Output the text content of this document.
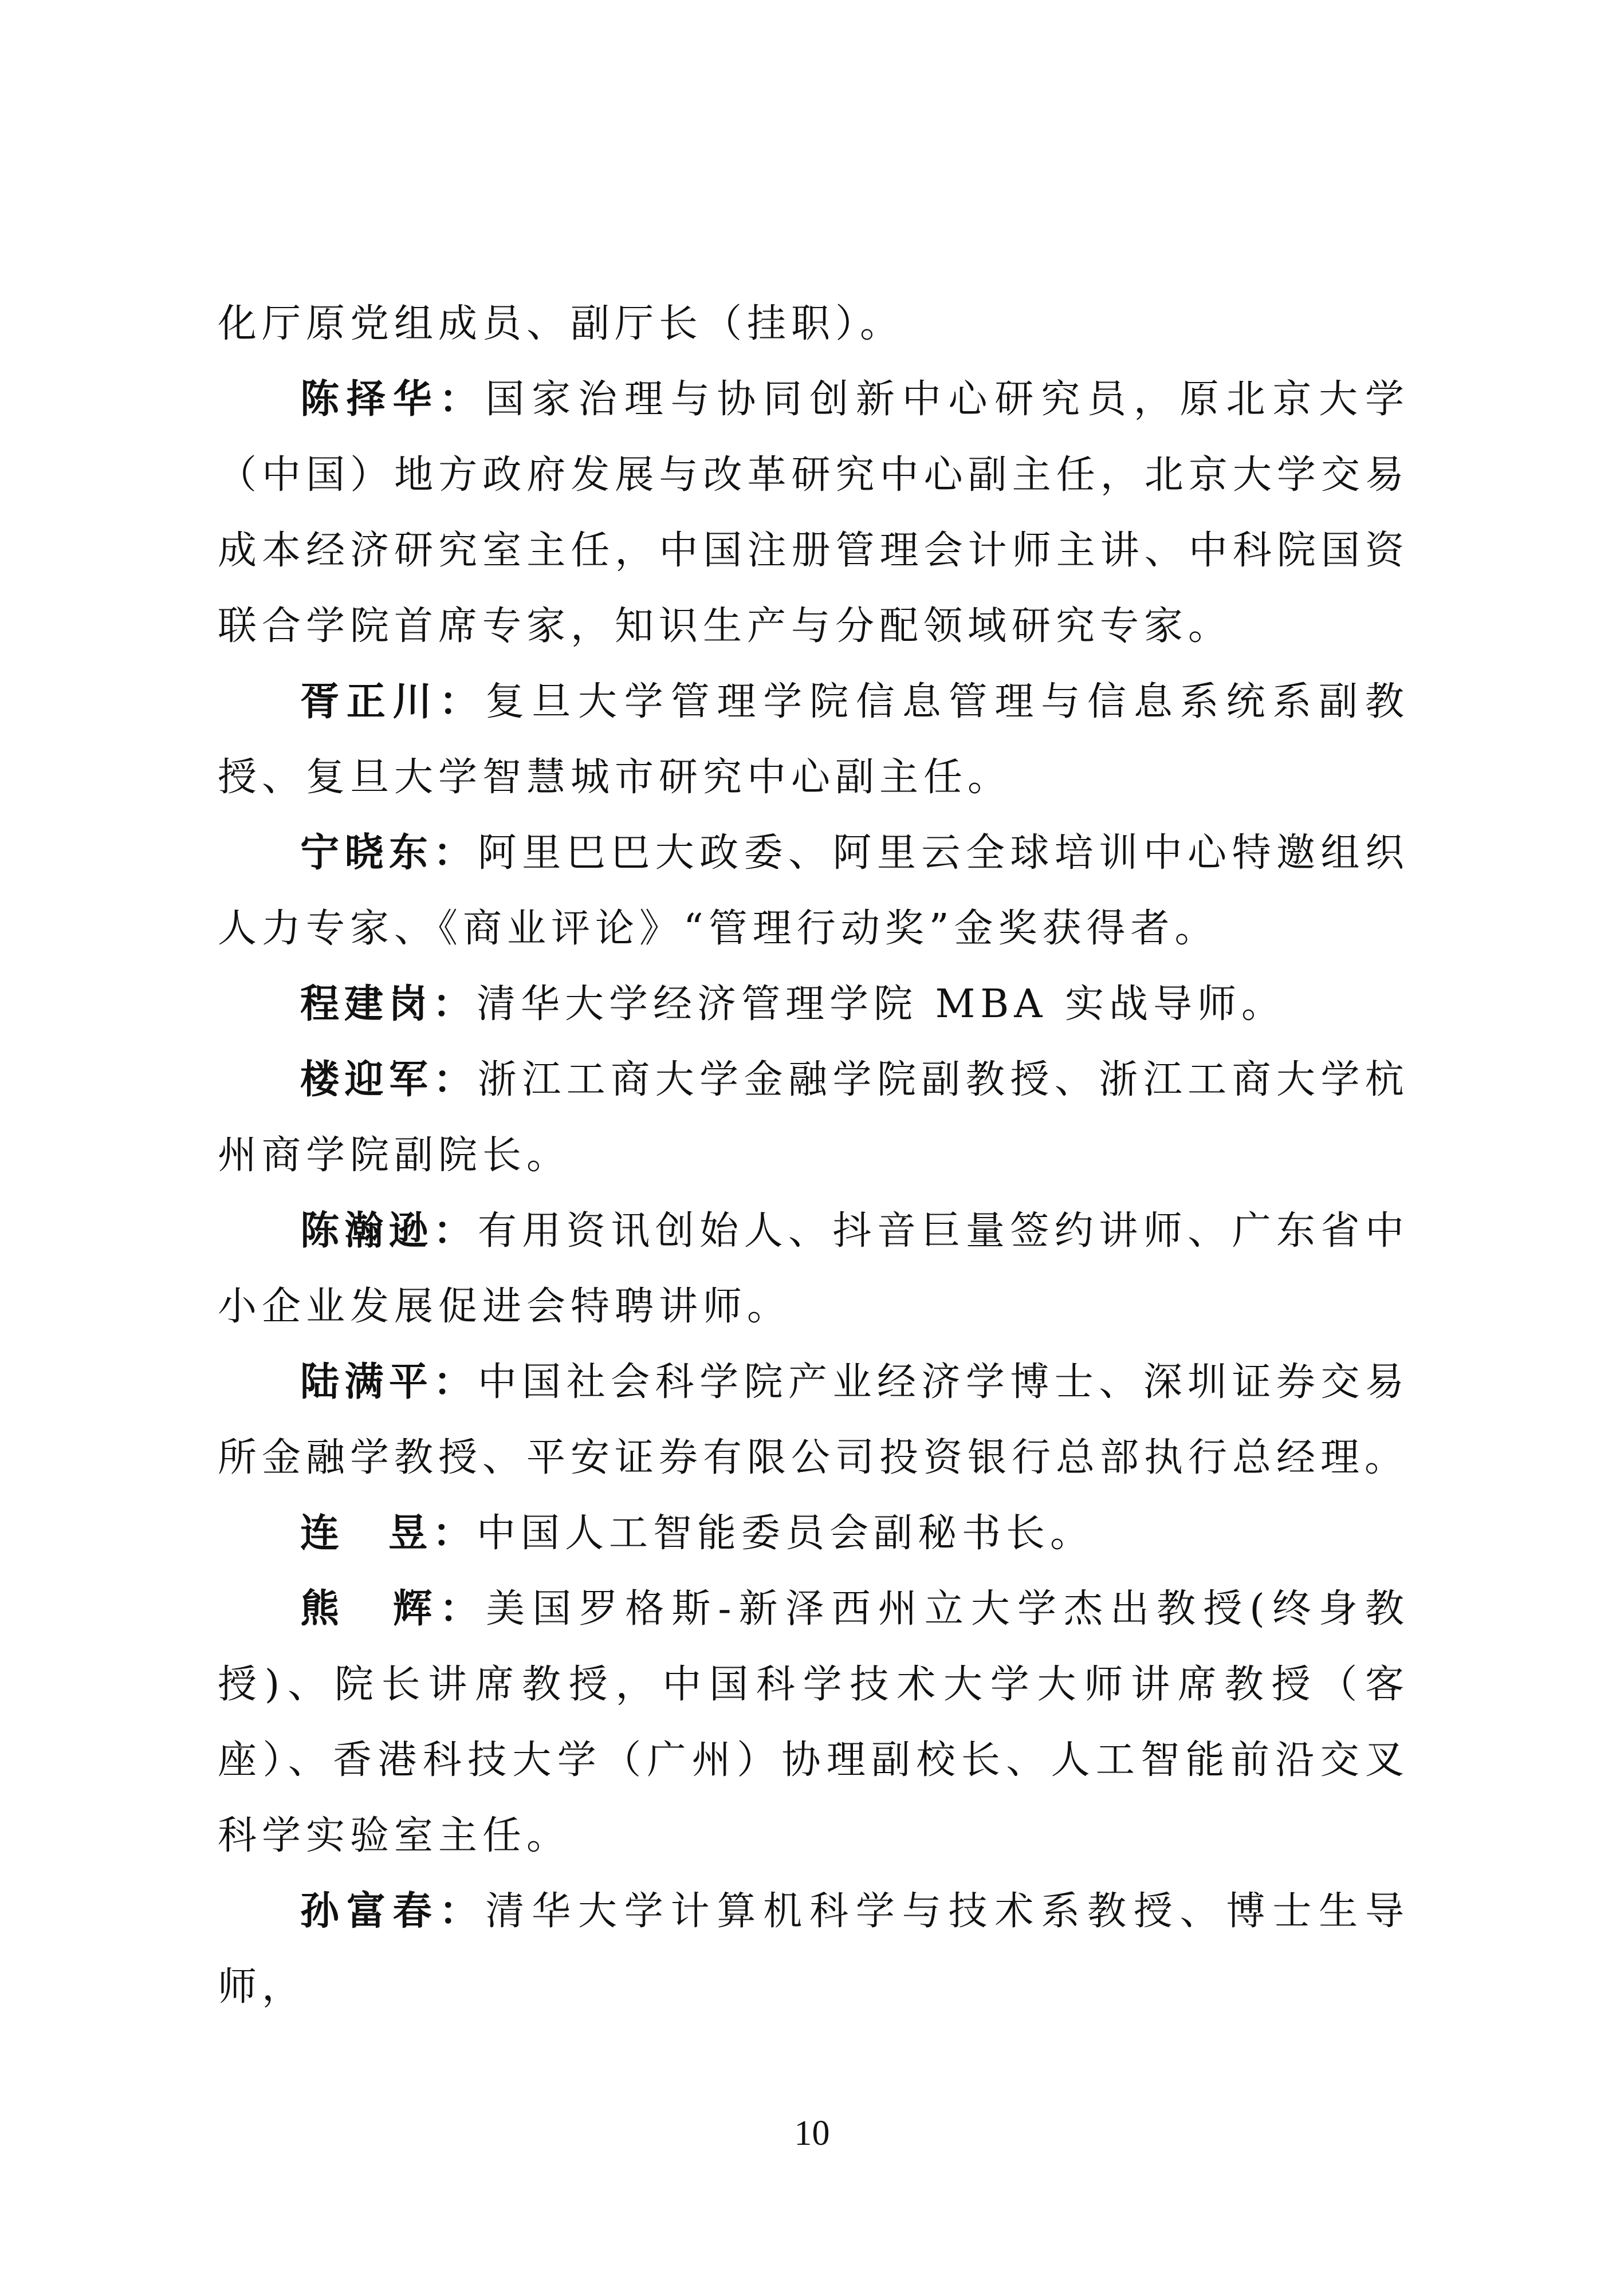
化厅原党组成员、副厅长（挂职）。

陈择华：国家治理与协同创新中心研究员，原北京大学（中国）地方政府发展与改革研究中心副主任，北京大学交易成本经济研究室主任，中国注册管理会计师主讲、中科院国资联合学院首席专家，知识生产与分配领域研究专家。

胥正川：复旦大学管理学院信息管理与信息系统系副教授、复旦大学智慧城市研究中心副主任。

宁晓东：阿里巴巴大政委、阿里云全球培训中心特邀组织人力专家、《商业评论》“管理行动奖”金奖获得者。

程建岗：清华大学经济管理学院 MBA 实战导师。

楼迎军：浙江工商大学金融学院副教授、浙江工商大学杭州商学院副院长。

陈瀚逊：有用资讯创始人、抖音巨量签约讲师、广东省中小企业发展促进会特聘讲师。

陆满平：中国社会科学院产业经济学博士、深圳证券交易所金融学教授、平安证券有限公司投资银行总部执行总经理。

连　昱：中国人工智能委员会副秘书长。

熊　辉：美国罗格斯-新泽西州立大学杰出教授(终身教授)、院长讲席教授，中国科学技术大学大师讲席教授（客座）、香港科技大学（广州）协理副校长、人工智能前沿交叉科学实验室主任。

孙富春：清华大学计算机科学与技术系教授、博士生导师，

10
